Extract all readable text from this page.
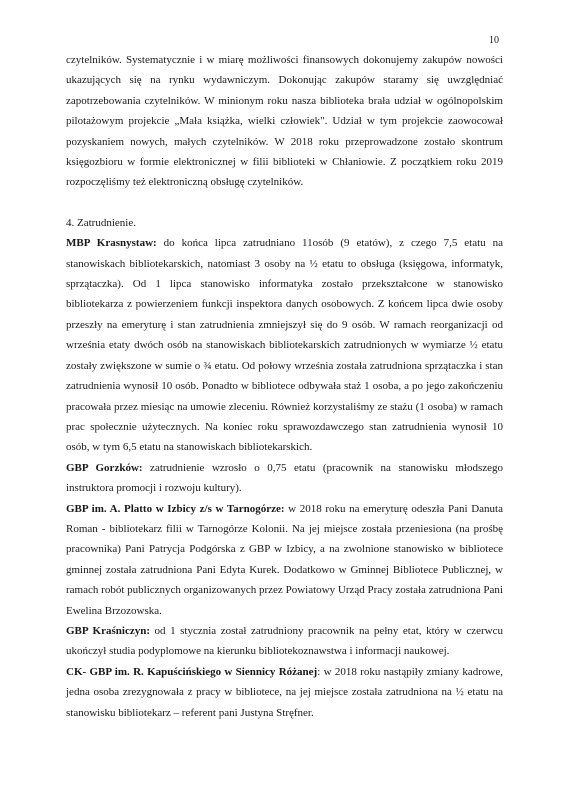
10

czytelników. Systematycznie i w miarę możliwości finansowych dokonujemy zakupów nowości ukazujących się na rynku wydawniczym. Dokonując zakupów staramy się uwzględniać zapotrzebowania czytelników. W minionym roku nasza biblioteka brała udział w ogólnopolskim pilotażowym projekcie „Mała książka, wielki człowiek". Udział w tym projekcie zaowocował pozyskaniem nowych, małych czytelników. W 2018 roku przeprowadzone zostało skontrum księgozbioru w formie elektronicznej w filii biblioteki w Chłaniowie. Z początkiem roku 2019 rozpoczęliśmy też elektroniczną obsługę czytelników.

4. Zatrudnienie.

MBP Krasnystaw: do końca lipca zatrudniano 11osób (9 etatów), z czego 7,5 etatu na stanowiskach bibliotekarskich, natomiast 3 osoby na ½ etatu to obsługa (księgowa, informatyk, sprzątaczka). Od 1 lipca stanowisko informatyka zostało przekształcone w stanowisko bibliotekarza z powierzeniem funkcji inspektora danych osobowych. Z końcem lipca dwie osoby przeszły na emeryturę i stan zatrudnienia zmniejszył się do 9 osób. W ramach reorganizacji od września etaty dwóch osób na stanowiskach bibliotekarskich zatrudnionych w wymiarze ½ etatu zostały zwiększone w sumie o ¾ etatu. Od połowy września została zatrudniona sprzątaczka i stan zatrudnienia wynosił 10 osób. Ponadto w bibliotece odbywała staż 1 osoba, a po jego zakończeniu pracowała przez miesiąc na umowie zleceniu. Również korzystaliśmy ze stażu (1 osoba) w ramach prac społecznie użytecznych. Na koniec roku sprawozdawczego stan zatrudnienia wynosił 10 osób, w tym 6,5 etatu na stanowiskach bibliotekarskich.

GBP Gorzków: zatrudnienie wzrosło o 0,75 etatu (pracownik na stanowisku młodszego instruktora promocji i rozwoju kultury).

GBP im. A. Platto w Izbicy z/s w Tarnogórze: w 2018 roku na emeryturę odeszła Pani Danuta Roman - bibliotekarz filii w Tarnogórze Kolonii. Na jej miejsce została przeniesiona (na prośbę pracownika) Pani Patrycja Podgórska z GBP w Izbicy, a na zwolnione stanowisko w bibliotece gminnej została zatrudniona Pani Edyta Kurek. Dodatkowo w Gminnej Bibliotece Publicznej, w ramach robót publicznych organizowanych przez Powiatowy Urząd Pracy została zatrudniona Pani Ewelina Brzozowska.

GBP Kraśniczyn: od 1 stycznia został zatrudniony pracownik na pełny etat, który w czerwcu ukończył studia podyplomowe na kierunku bibliotekoznawstwa i informacji naukowej.

CK- GBP im. R. Kapuścińskiego w Siennicy Różanej: w 2018 roku nastąpiły zmiany kadrowe, jedna osoba zrezygnowała z pracy w bibliotece, na jej miejsce została zatrudniona na ½ etatu na stanowisku bibliotekarz – referent pani Justyna Stręfner.
